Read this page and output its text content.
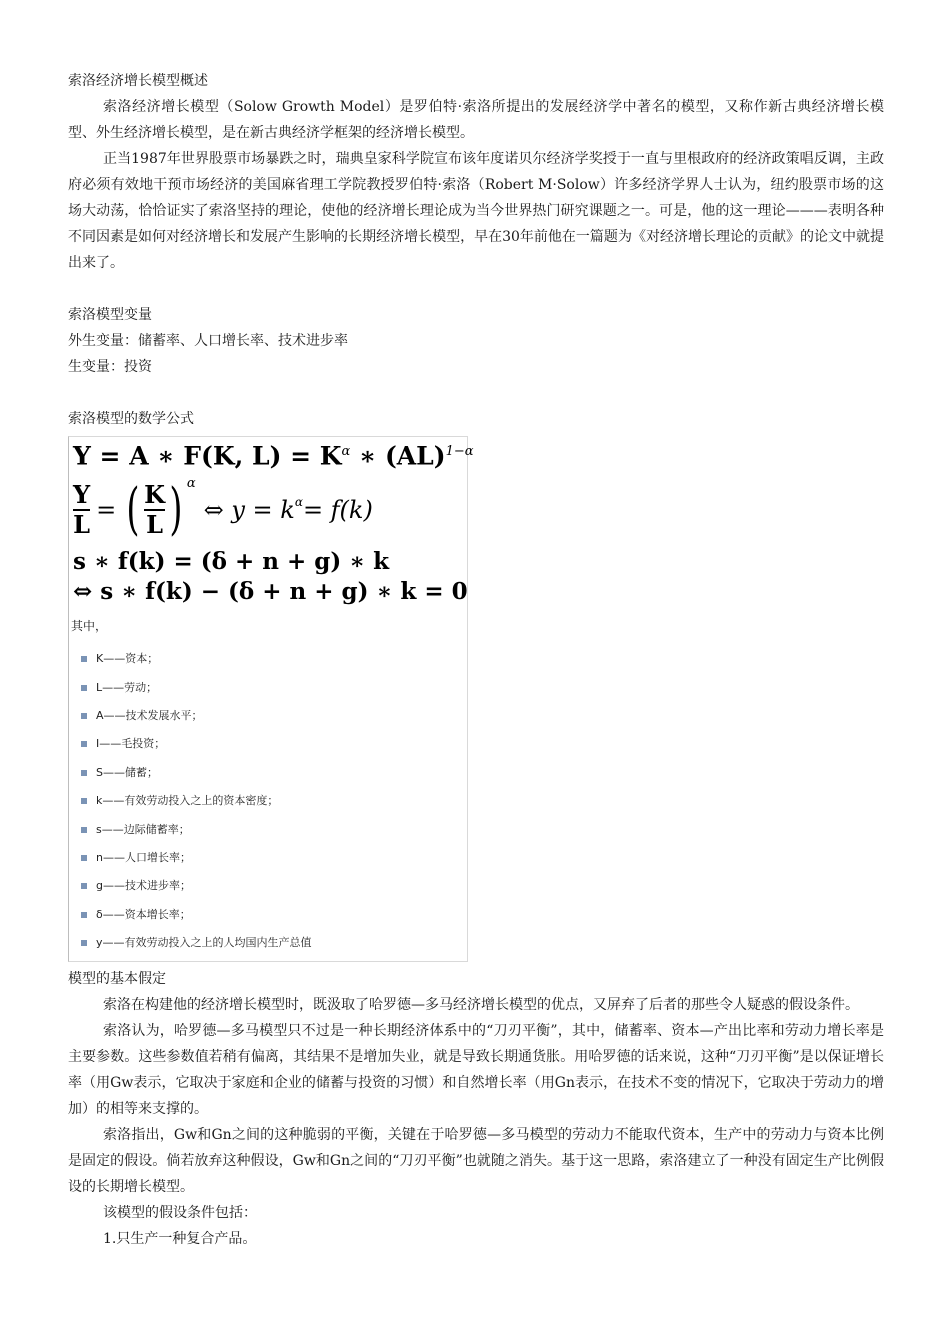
索洛经济增长模型概述

索洛经济增长模型（Solow Growth Model）是罗伯特·索洛所提出的发展经济学中著名的模型，又称作新古典经济增长模型、外生经济增长模型，是在新古典经济学框架的经济增长模型。

正当1987年世界股票市场暴跌之时，瑞典皇家科学院宣布该年度诺贝尔经济学奖授于一直与里根政府的经济政策唱反调，主政府必须有效地干预市场经济的美国麻省理工学院教授罗伯特·索洛（Robert M·Solow）许多经济学界人士认为，纽约股票市场的这场大动荡，恰恰证实了索洛坚持的理论，使他的经济增长理论成为当今世界热门研究课题之一。可是，他的这一理论———表明各种不同因素是如何对经济增长和发展产生影响的长期经济增长模型，早在30年前他在一篇题为《对经济增长理论的贡献》的论文中就提出来了。

索洛模型变量

外生变量：储蓄率、人口增长率、技术进步率

生变量：投资

索洛模型的数学公式

Y = A ∗ F(K, $L) = K^\alpha$ ∗ (AL)$^{1-\alpha}$
$\frac{Y}{L}$ = ( $\frac{K}{L}$ ) α
⇔ $y = k^\alpha = f(k)$
s ∗ f(k) = (δ + n + g) ∗ k
⇔ s ∗ f(k) − (δ + n + g) ∗ k = 0
其中，
K——资本；
L——劳动；
A——技术发展水平；
I——毛投资；
S——储蓄；
k——有效劳动投入之上的资本密度；
s——边际储蓄率；
n——人口增长率；
g——技术进步率；
δ——资本增长率；
y——有效劳动投入之上的人均国内生产总值

模型的基本假定

索洛在构建他的经济增长模型时，既汲取了哈罗德—多马经济增长模型的优点，又屏弃了后者的那些令人疑惑的假设条件。

索洛认为，哈罗德—多马模型只不过是一种长期经济体系中的“刀刃平衡”，其中，储蓄率、资本—产出比率和劳动力增长率是主要参数。这些参数值若稍有偏离，其结果不是增加失业，就是导致长期通货胀。用哈罗德的话来说，这种“刀刃平衡”是以保证增长率（用Gw表示，它取决于家庭和企业的储蓄与投资的习惯）和自然增长率（用Gn表示，在技术不变的情况下，它取决于劳动力的增加）的相等来支撑的。

索洛指出，Gw和Gn之间的这种脆弱的平衡，关键在于哈罗德—多马模型的劳动力不能取代资本，生产中的劳动力与资本比例是固定的假设。倘若放弃这种假设，Gw和Gn之间的“刀刃平衡”也就随之消失。基于这一思路，索洛建立了一种没有固定生产比例假设的长期增长模型。

该模型的假设条件包括：

1.只生产一种复合产品。
